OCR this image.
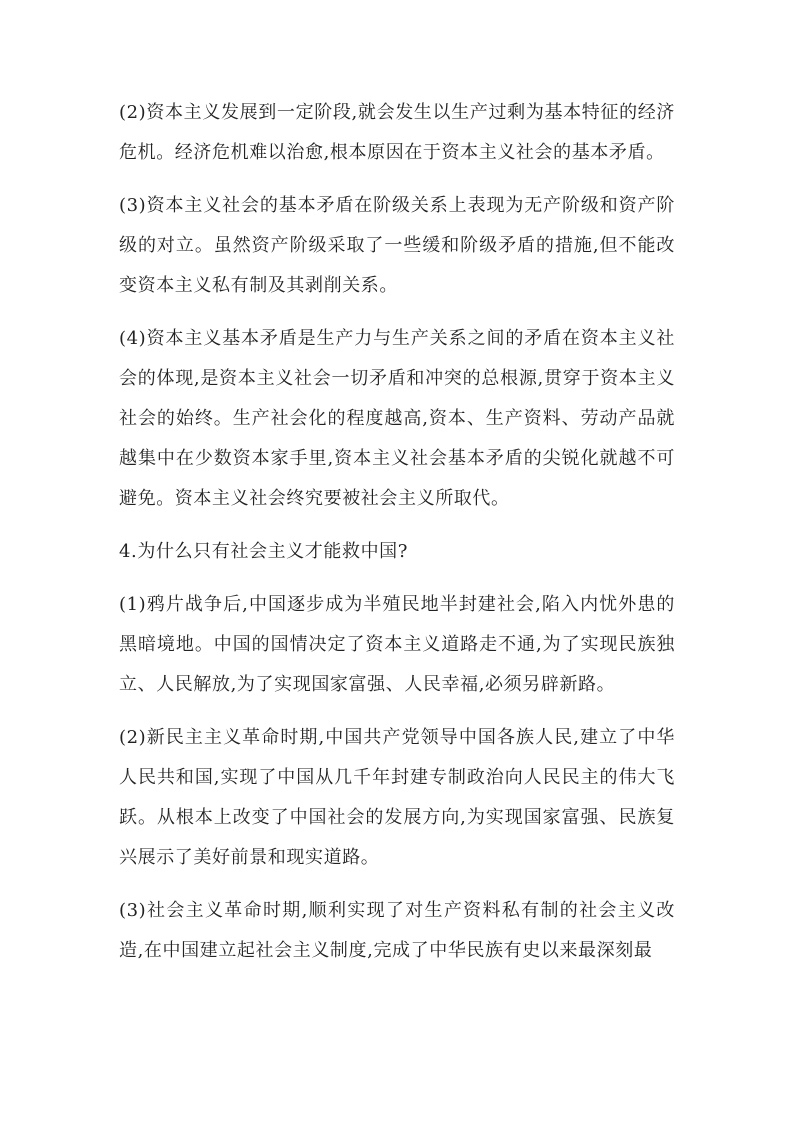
(2)资本主义发展到一定阶段,就会发生以生产过剩为基本特征的经济危机。经济危机难以治愈,根本原因在于资本主义社会的基本矛盾。

(3)资本主义社会的基本矛盾在阶级关系上表现为无产阶级和资产阶级的对立。虽然资产阶级采取了一些缓和阶级矛盾的措施,但不能改变资本主义私有制及其剥削关系。

(4)资本主义基本矛盾是生产力与生产关系之间的矛盾在资本主义社会的体现,是资本主义社会一切矛盾和冲突的总根源,贯穿于资本主义社会的始终。生产社会化的程度越高,资本、生产资料、劳动产品就越集中在少数资本家手里,资本主义社会基本矛盾的尖锐化就越不可避免。资本主义社会终究要被社会主义所取代。

4.为什么只有社会主义才能救中国?

(1)鸦片战争后,中国逐步成为半殖民地半封建社会,陷入内忧外患的黑暗境地。中国的国情决定了资本主义道路走不通,为了实现民族独立、人民解放,为了实现国家富强、人民幸福,必须另辟新路。

(2)新民主主义革命时期,中国共产党领导中国各族人民,建立了中华人民共和国,实现了中国从几千年封建专制政治向人民民主的伟大飞跃。从根本上改变了中国社会的发展方向,为实现国家富强、民族复兴展示了美好前景和现实道路。

(3)社会主义革命时期,顺利实现了对生产资料私有制的社会主义改造,在中国建立起社会主义制度,完成了中华民族有史以来最深刻最
